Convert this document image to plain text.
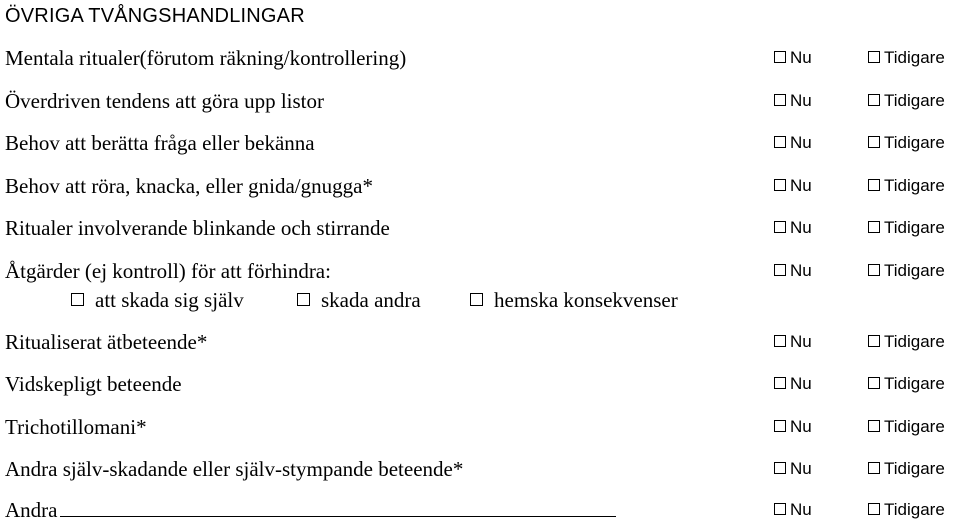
ÖVRIGA TVÅNGSHANDLINGAR
Mentala ritualer(förutom räkning/kontrollering)	Nu	Tidigare
Överdriven tendens att göra upp listor	Nu	Tidigare
Behov att berätta fråga eller bekänna	Nu	Tidigare
Behov att röra, knacka, eller gnida/gnugga*	Nu	Tidigare
Ritualer involverande blinkande och stirrande	Nu	Tidigare
Åtgärder (ej kontroll) för att förhindra:	Nu	Tidigare
att skada sig själv	skada andra	hemska konsekvenser
Ritualiserat ätbeteende*	Nu	Tidigare
Vidskepligt beteende	Nu	Tidigare
Trichotillomani*	Nu	Tidigare
Andra själv-skadande eller själv-stympande beteende*	Nu	Tidigare
Andra	Nu	Tidigare
